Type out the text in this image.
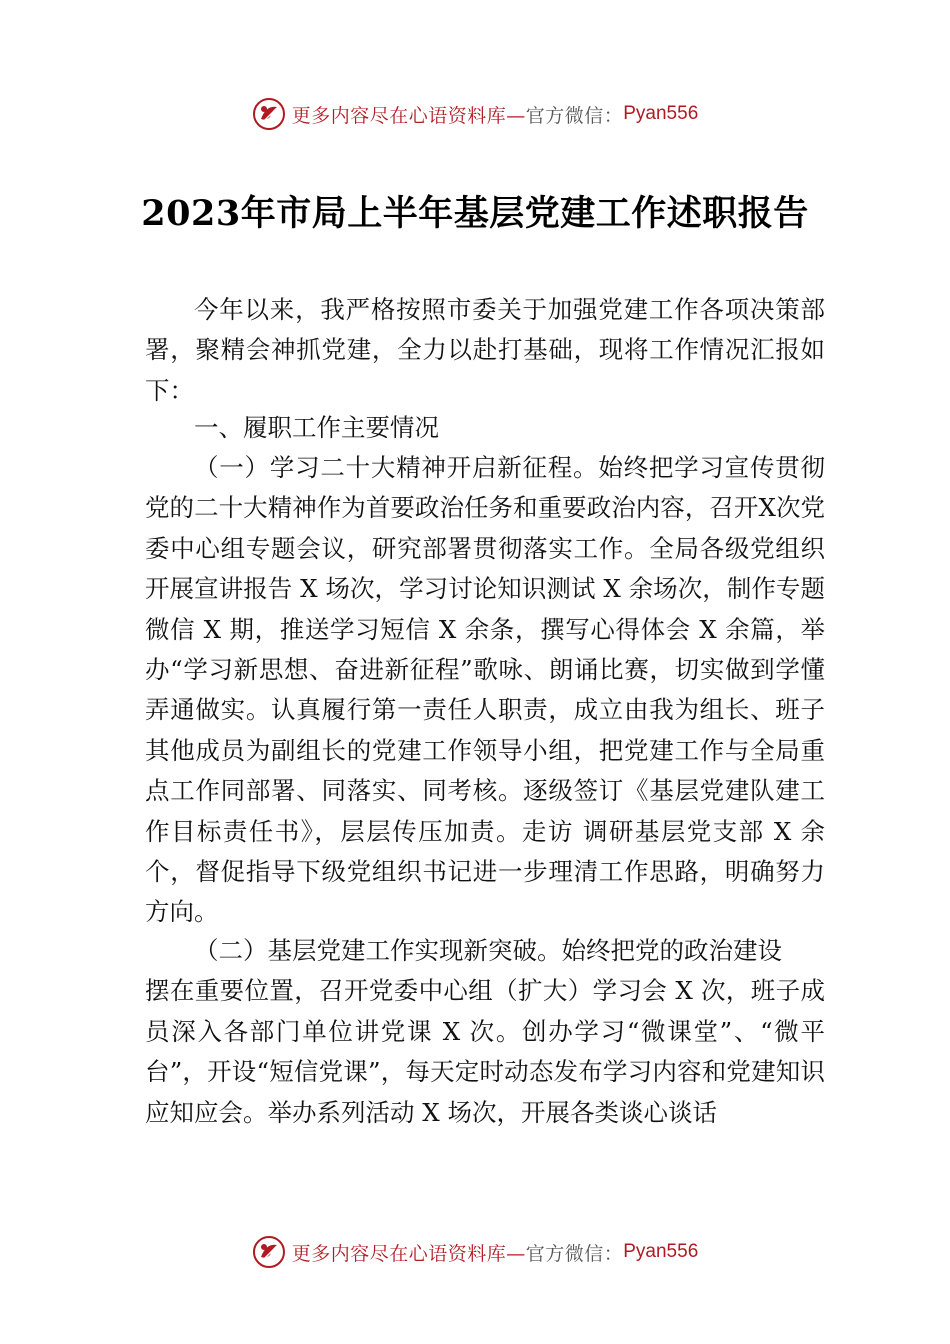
更多内容尽在心语资料库— 官方微信： Pyan556
2023年市局上半年基层党建工作述职报告

今年以来，我严格按照市委关于加强党建工作各项决策部署，聚精会神抓党建，全力以赴打基础，现将工作情况汇报如下：

一、履职工作主要情况

（一）学习二十大精神开启新征程。始终把学习宣传贯彻党的二十大精神作为首要政治任务和重要政治内容，召开X次党委中心组专题会议，研究部署贯彻落实工作。全局各级党组织开展宣讲报告 X 场次，学习讨论知识测试 X 余场次，制作专题微信 X 期，推送学习短信 X 余条，撰写心得体会 X 余篇，举办“学习新思想、奋进新征程”歌咏、朗诵比赛，切实做到学懂弄通做实。认真履行第一责任人职责，成立由我为组长、班子其他成员为副组长的党建工作领导小组，把党建工作与全局重点工作同部署、同落实、同考核。逐级签订《基层党建队建工作目标责任书》，层层传压加责。走访 调研基层党支部 X 余个，督促指导下级党组织书记进一步理清工作思路，明确努力方向。

（二）基层党建工作实现新突破。始终把党的政治建设
摆在重要位置，召开党委中心组（扩大）学习会 X 次，班子成员深入各部门单位讲党课 X 次。创办学习“微课堂”、“微平台”，开设“短信党课”，每天定时动态发布学习内容和党建知识应知应会。举办系列活动 X 场次，开展各类谈心谈话
更多内容尽在心语资料库— 官方微信： Pyan556
